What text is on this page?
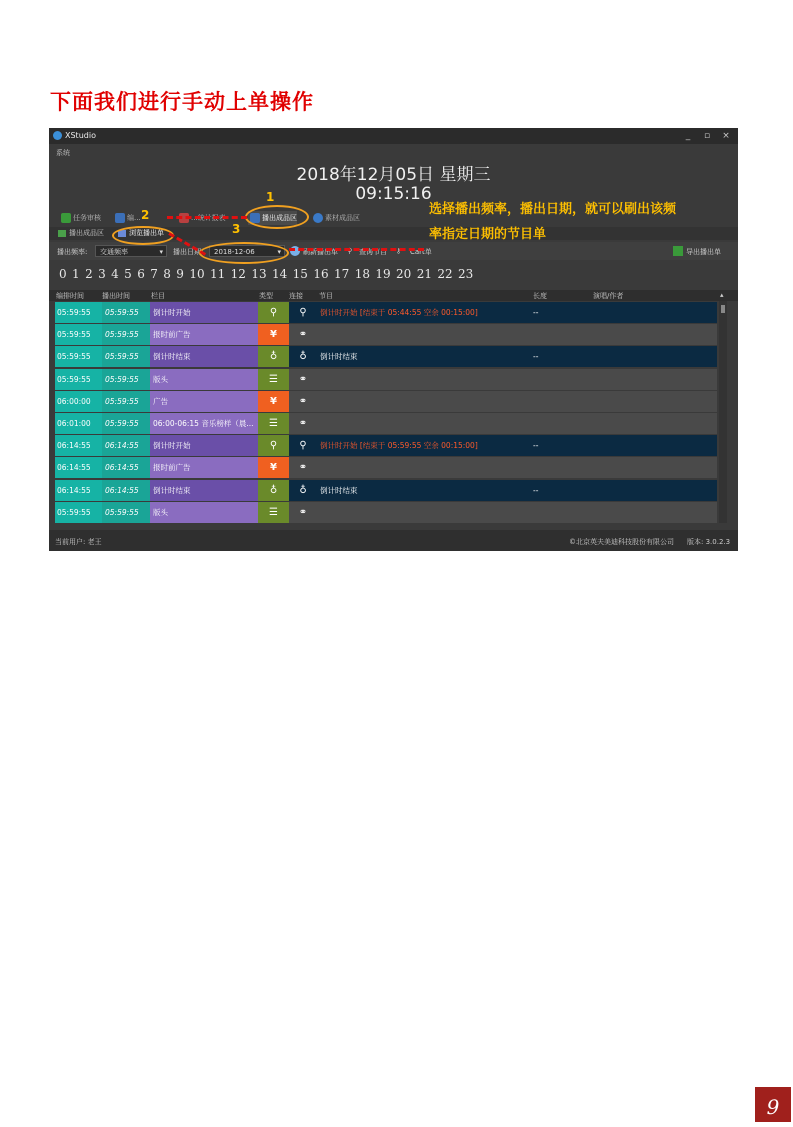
下面我们进行手动上单操作
XStudio	_	▫	×
系统
2018年12月05日 星期三
09:15:16
任务审核	编...	...统计报表	播出成品区	素材成品区
播出成品区	浏览播出单
播出频率:	交通频率	▾ 播出日期:	2018-12-06	▾	刷新播出单 ⚲ 查询节目 ⚷ Cart单	导出播出单
0 1 2 3 4 5 6 7 8 9 10 11 12 13 14 15 16 17 18 19 20 21 22 23
编排时间	播出时间	栏目	类型 连接 节目	长度	演唱/作者	▴
05:59:55	05:59:55	倒计时开始	⚲	⚲	倒计时开始 [结束于 05:44:55 空余 00:15:00]	--
05:59:55	05:59:55	报时前广告	¥	⚭
05:59:55	05:59:55	倒计时结束	♁	♁	倒计时结束	--
05:59:55	05:59:55	版头	☰	⚭
06:00:00	05:59:55	广告	¥	⚭
06:01:00	05:59:55	06:00-06:15 音乐榜样（晨...	☰	⚭
06:14:55	06:14:55	倒计时开始	⚲	⚲	倒计时开始 [结束于 05:59:55 空余 00:15:00]	--
06:14:55	06:14:55	报时前广告	¥	⚭
06:14:55	06:14:55	倒计时结束	♁	♁	倒计时结束	--
05:59:55	05:59:55	版头	☰	⚭
当前用户: 老王	©北京英夫美迪科技股份有限公司 版本: 3.0.2.3
1
2
3
选择播出频率，播出日期，就可以刷出该频
率指定日期的节目单
9
